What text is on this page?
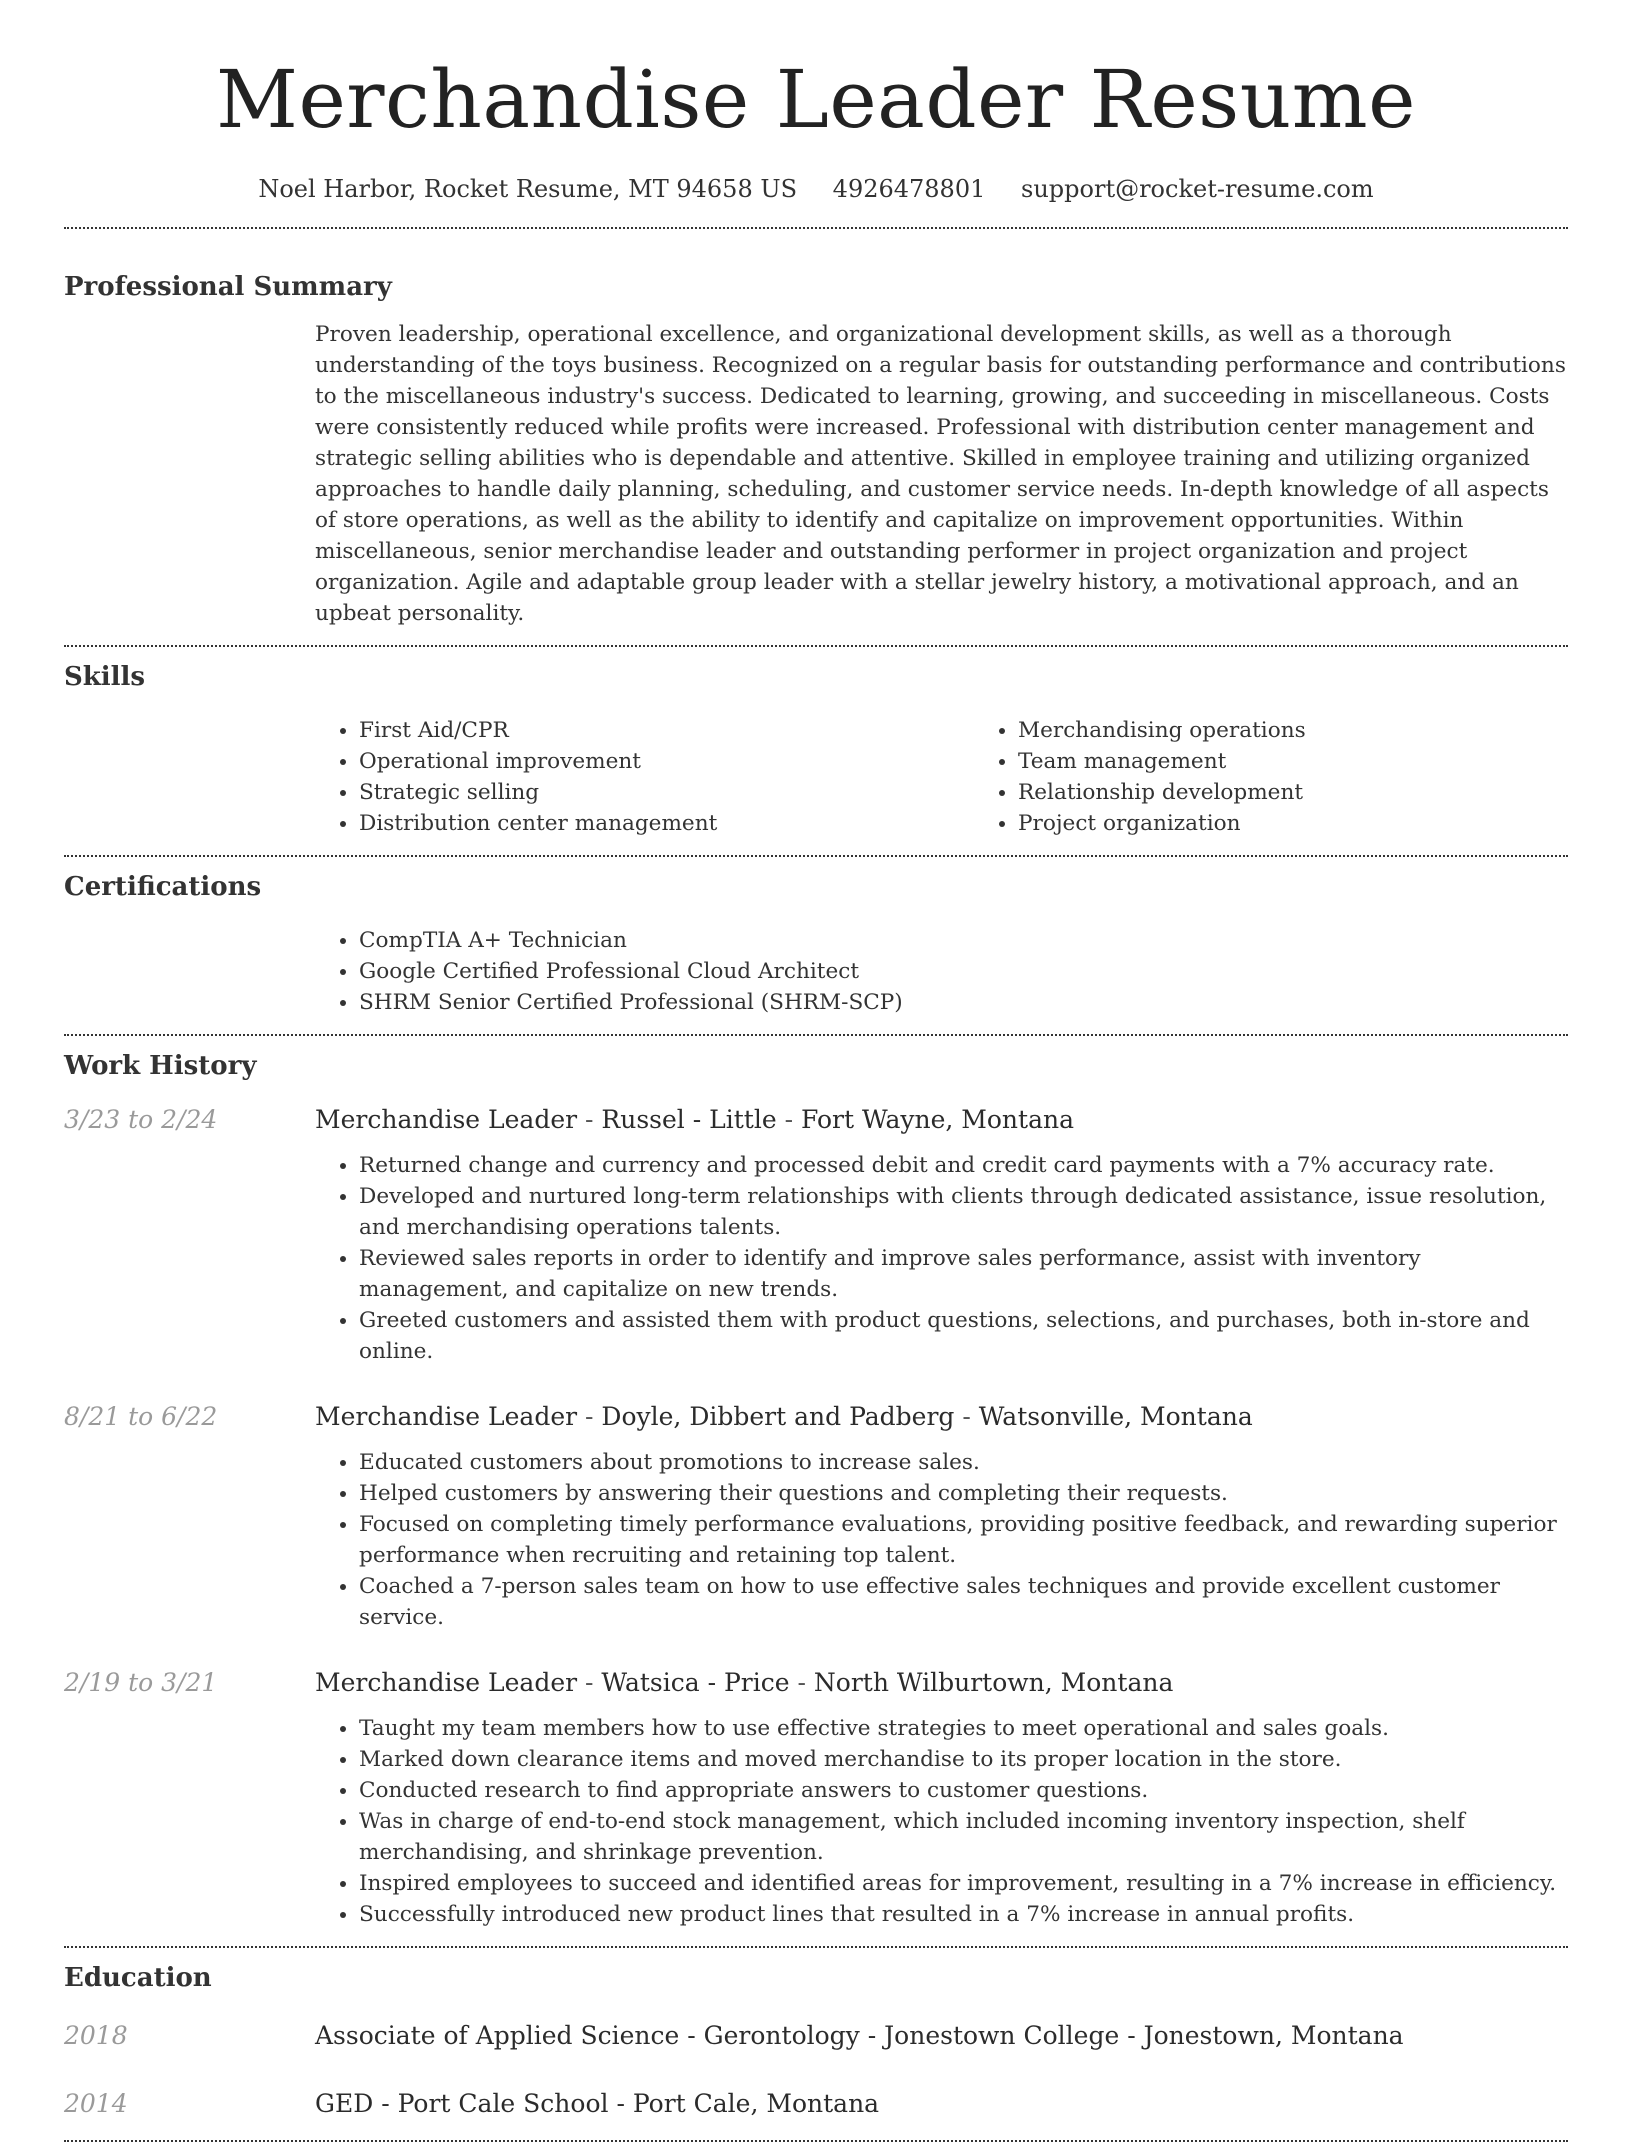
Merchandise Leader Resume
Noel Harbor, Rocket Resume, MT 94658 US 4926478801 support@rocket-resume.com
Professional Summary

Proven leadership, operational excellence, and organizational development skills, as well as a thorough understanding of the toys business. Recognized on a regular basis for outstanding performance and contributions to the miscellaneous industry's success. Dedicated to learning, growing, and succeeding in miscellaneous. Costs were consistently reduced while profits were increased. Professional with distribution center management and strategic selling abilities who is dependable and attentive. Skilled in employee training and utilizing organized approaches to handle daily planning, scheduling, and customer service needs. In-depth knowledge of all aspects of store operations, as well as the ability to identify and capitalize on improvement opportunities. Within miscellaneous, senior merchandise leader and outstanding performer in project organization and project organization. Agile and adaptable group leader with a stellar jewelry history, a motivational approach, and an upbeat personality.

Skills
• First Aid/CPR
• Operational improvement
• Strategic selling
• Distribution center management
• Merchandising operations
• Team management
• Relationship development
• Project organization
Certifications
• CompTIA A+ Technician
• Google Certified Professional Cloud Architect
• SHRM Senior Certified Professional (SHRM-SCP)
Work History
3/23 to 2/24	Merchandise Leader - Russel - Little - Fort Wayne, Montana
• Returned change and currency and processed debit and credit card payments with a 7% accuracy rate.
• Developed and nurtured long-term relationships with clients through dedicated assistance, issue resolution, and merchandising operations talents.
• Reviewed sales reports in order to identify and improve sales performance, assist with inventory management, and capitalize on new trends.
• Greeted customers and assisted them with product questions, selections, and purchases, both in-store and online.
8/21 to 6/22	Merchandise Leader - Doyle, Dibbert and Padberg - Watsonville, Montana
• Educated customers about promotions to increase sales.
• Helped customers by answering their questions and completing their requests.
• Focused on completing timely performance evaluations, providing positive feedback, and rewarding superior performance when recruiting and retaining top talent.
• Coached a 7-person sales team on how to use effective sales techniques and provide excellent customer service.
2/19 to 3/21	Merchandise Leader - Watsica - Price - North Wilburtown, Montana
• Taught my team members how to use effective strategies to meet operational and sales goals.
• Marked down clearance items and moved merchandise to its proper location in the store.
• Conducted research to find appropriate answers to customer questions.
• Was in charge of end-to-end stock management, which included incoming inventory inspection, shelf merchandising, and shrinkage prevention.
• Inspired employees to succeed and identified areas for improvement, resulting in a 7% increase in efficiency.
• Successfully introduced new product lines that resulted in a 7% increase in annual profits.
Education
2018	Associate of Applied Science - Gerontology - Jonestown College - Jonestown, Montana
2014	GED - Port Cale School - Port Cale, Montana
